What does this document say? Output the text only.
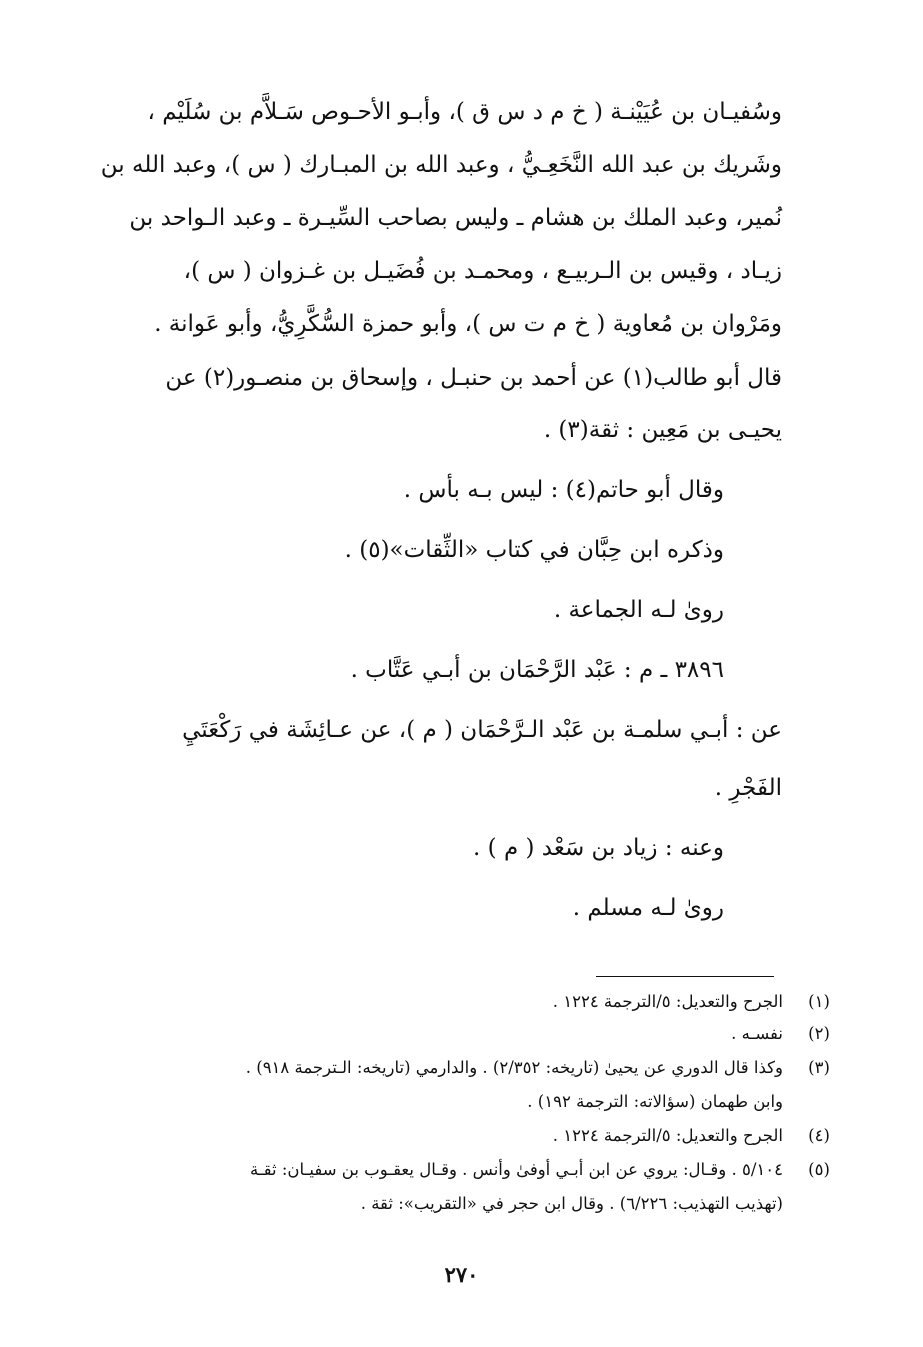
وسُفيـان بن عُيَيْنـة ( خ م د س ق )، وأبـو الأحـوص سَـلاَّم بن سُلَيْم ،
وشَريك بن عبد الله النَّخَعِـيُّ ، وعبد الله بن المبـارك ( س )، وعبد الله بن
نُمير، وعبد الملك بن هشام ـ وليس بصاحب السِّيـرة ـ وعبد الـواحد بن
زيـاد ، وقيس بن الـربيـع ، ومحمـد بن فُضَيـل بن غـزوان ( س )،
ومَرْوان بن مُعاوية ( خ م ت س )، وأبو حمزة السُّكَّرِيُّ، وأبو عَوانة .
قال أبو طالب(١) عن أحمد بن حنبـل ، وإسحاق بن منصـور(٢) عن
يحيـى بن مَعِين : ثقة(٣) .
وقال أبو حاتم(٤) : ليس بـه بأس .
وذكره ابن حِبَّان في كتاب «الثِّقات»(٥) .
روىٰ لـه الجماعة .
٣٨٩٦ ـ م : عَبْد الرَّحْمَان بن أبـي عَتَّاب .
عن : أبـي سلمـة بن عَبْد الـرَّحْمَان ( م )، عن عـائِشَة في رَكْعَتَيِ
الفَجْرِ .
وعنه : زياد بن سَعْد ( م ) .
روىٰ لـه مسلم .
(١)
الجرح والتعديل: ٥/الترجمة ١٢٢٤ .
(٢)
نفسـه .
(٣)
وكذا قال الدوري عن يحيىٰ (تاريخه: ٢/٣٥٢) . والدارمي (تاريخه: الـترجمة ٩١٨) .
وابن طهمان (سؤالاته: الترجمة ١٩٢) .
(٤)
الجرح والتعديل: ٥/الترجمة ١٢٢٤ .
(٥)
٥/١٠٤ . وقـال: يروي عن ابن أبـي أوفىٰ وأنس . وقـال يعقـوب بن سفيـان: ثقـة
(تهذيب التهذيب: ٦/٢٢٦) . وقال ابن حجر في «التقريب»: ثقة .
٢٧٠
